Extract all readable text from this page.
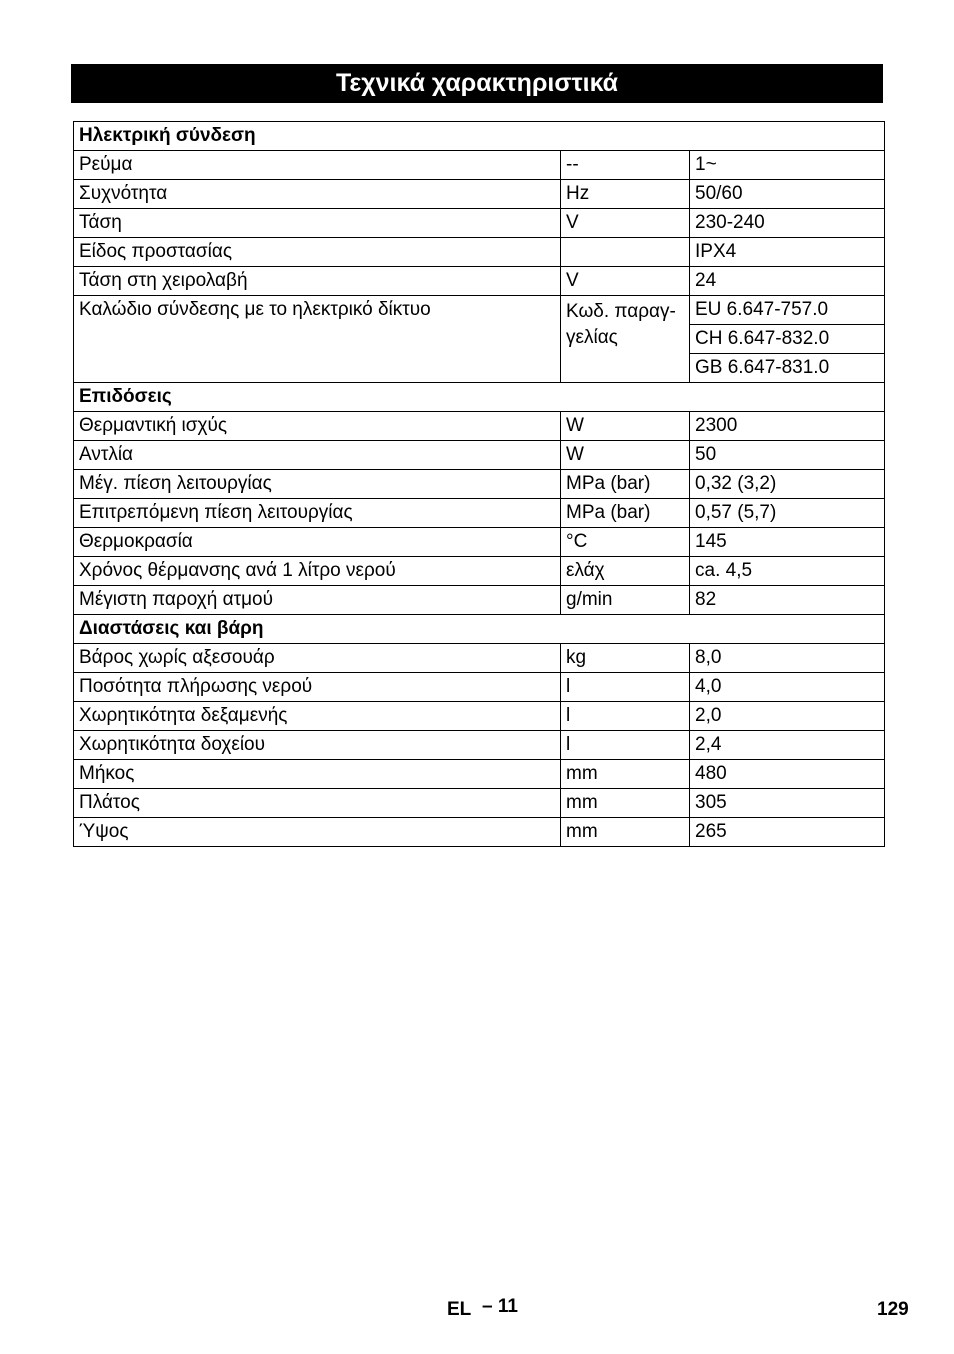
Τεχνικά χαρακτηριστικά
Ηλεκτρική σύνδεση		
Ρεύμα	--	1~
Συχνότητα	Hz	50/60
Τάση	V	230-240
Είδος προστασίας		IPX4
Τάση στη χειρολαβή	V	24
Καλώδιο σύνδεσης με το ηλεκτρικό δίκτυο	Κωδ. παραγ-γελίας	EU 6.647-757.0
		CH 6.647-832.0
		GB 6.647-831.0
Επιδόσεις		
Θερμαντική ισχύς	W	2300
Αντλία	W	50
Μέγ. πίεση λειτουργίας	MPa (bar)	0,32 (3,2)
Επιτρεπόμενη πίεση λειτουργίας	MPa (bar)	0,57 (5,7)
Θερμοκρασία	°C	145
Χρόνος θέρμανσης ανά 1 λίτρο νερού	ελάχ	ca. 4,5
Μέγιστη παροχή ατμού	g/min	82
Διαστάσεις και βάρη		
Βάρος χωρίς αξεσουάρ	kg	8,0
Ποσότητα πλήρωσης νερού	l	4,0
Χωρητικότητα δεξαμενής	l	2,0
Χωρητικότητα δοχείου	l	2,4
Μήκος	mm	480
Πλάτος	mm	305
Ύψος	mm	265
EL – 11	129
